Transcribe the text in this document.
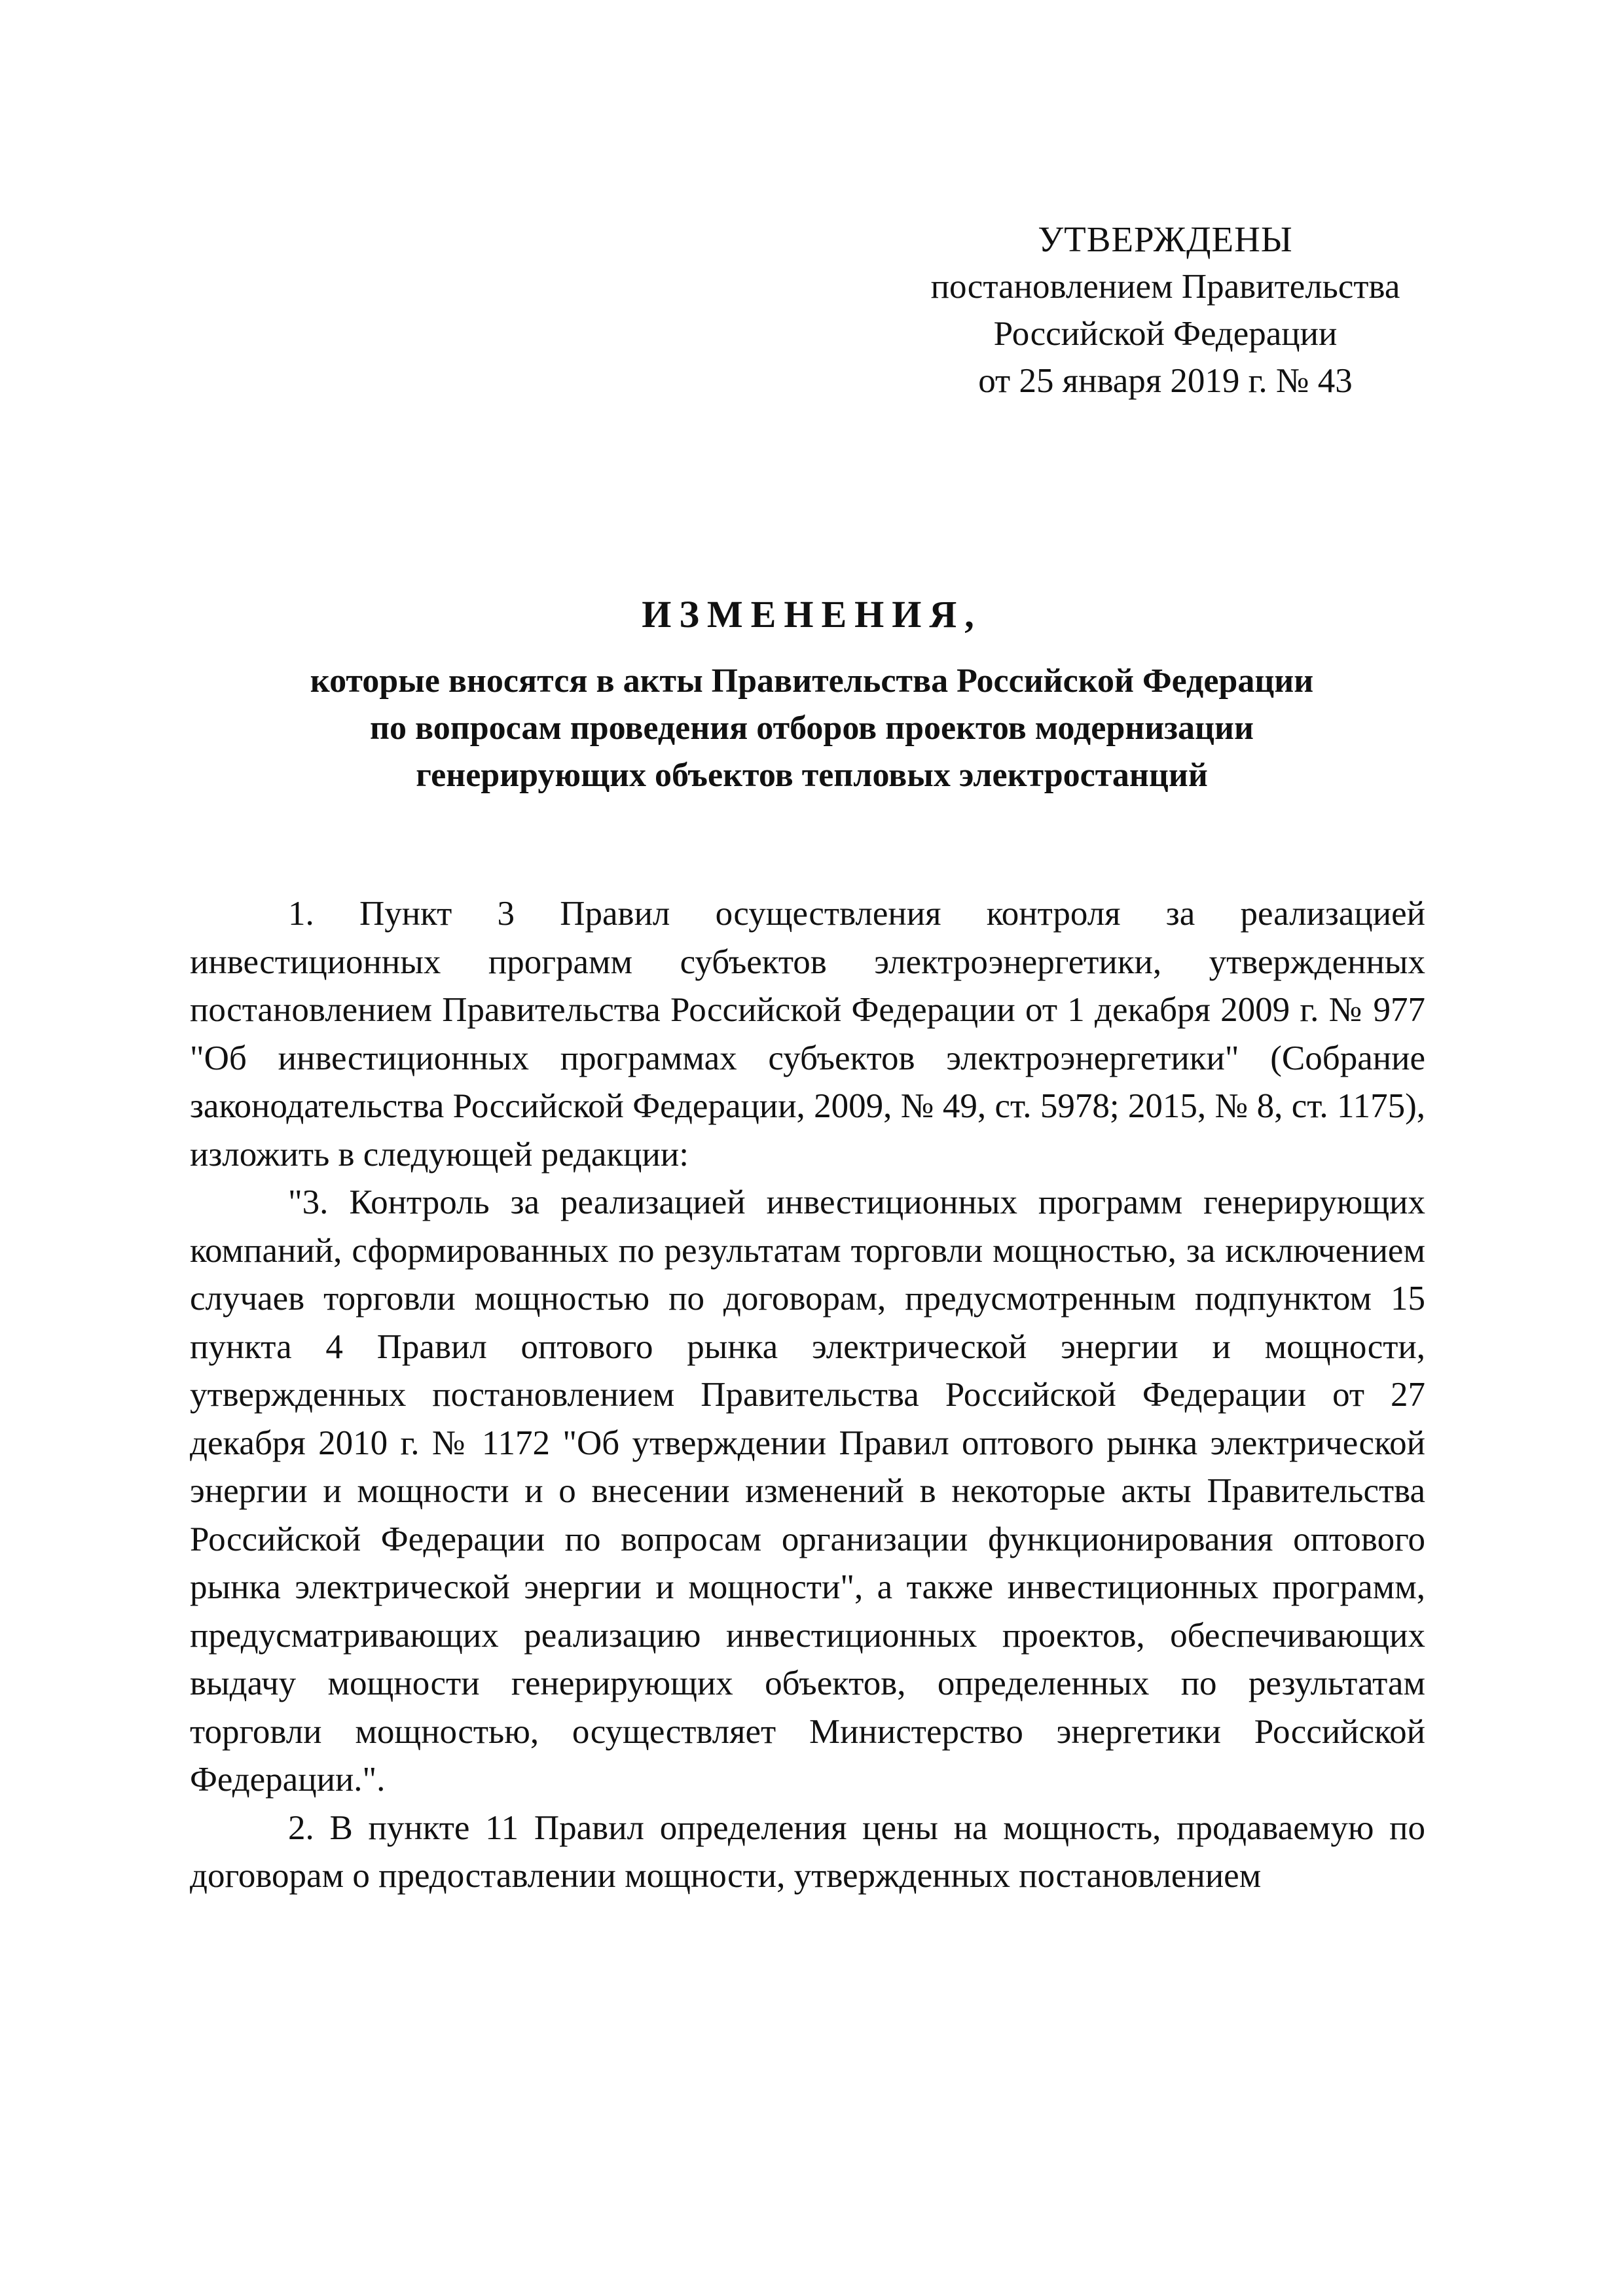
УТВЕРЖДЕНЫ
постановлением Правительства
Российской Федерации
от 25 января 2019 г. № 43
ИЗМЕНЕНИЯ,
которые вносятся в акты Правительства Российской Федерации
по вопросам проведения отборов проектов модернизации
генерирующих объектов тепловых электростанций

1. Пункт 3 Правил осуществления контроля за реализацией инвестиционных программ субъектов электроэнергетики, утвержденных постановлением Правительства Российской Федерации от 1 декабря 2009 г. № 977 "Об инвестиционных программах субъектов электроэнергетики" (Собрание законодательства Российской Федерации, 2009, № 49, ст. 5978; 2015, № 8, ст. 1175), изложить в следующей редакции:

"3. Контроль за реализацией инвестиционных программ генерирующих компаний, сформированных по результатам торговли мощностью, за исключением случаев торговли мощностью по договорам, предусмотренным подпунктом 15 пункта 4 Правил оптового рынка электрической энергии и мощности, утвержденных постановлением Правительства Российской Федерации от 27 декабря 2010 г. № 1172 "Об утверждении Правил оптового рынка электрической энергии и мощности и о внесении изменений в некоторые акты Правительства Российской Федерации по вопросам организации функционирования оптового рынка электрической энергии и мощности", а также инвестиционных программ, предусматривающих реализацию инвестиционных проектов, обеспечивающих выдачу мощности генерирующих объектов, определенных по результатам торговли мощностью, осуществляет Министерство энергетики Российской Федерации.".

2. В пункте 11 Правил определения цены на мощность, продаваемую по договорам о предоставлении мощности, утвержденных постановлением
